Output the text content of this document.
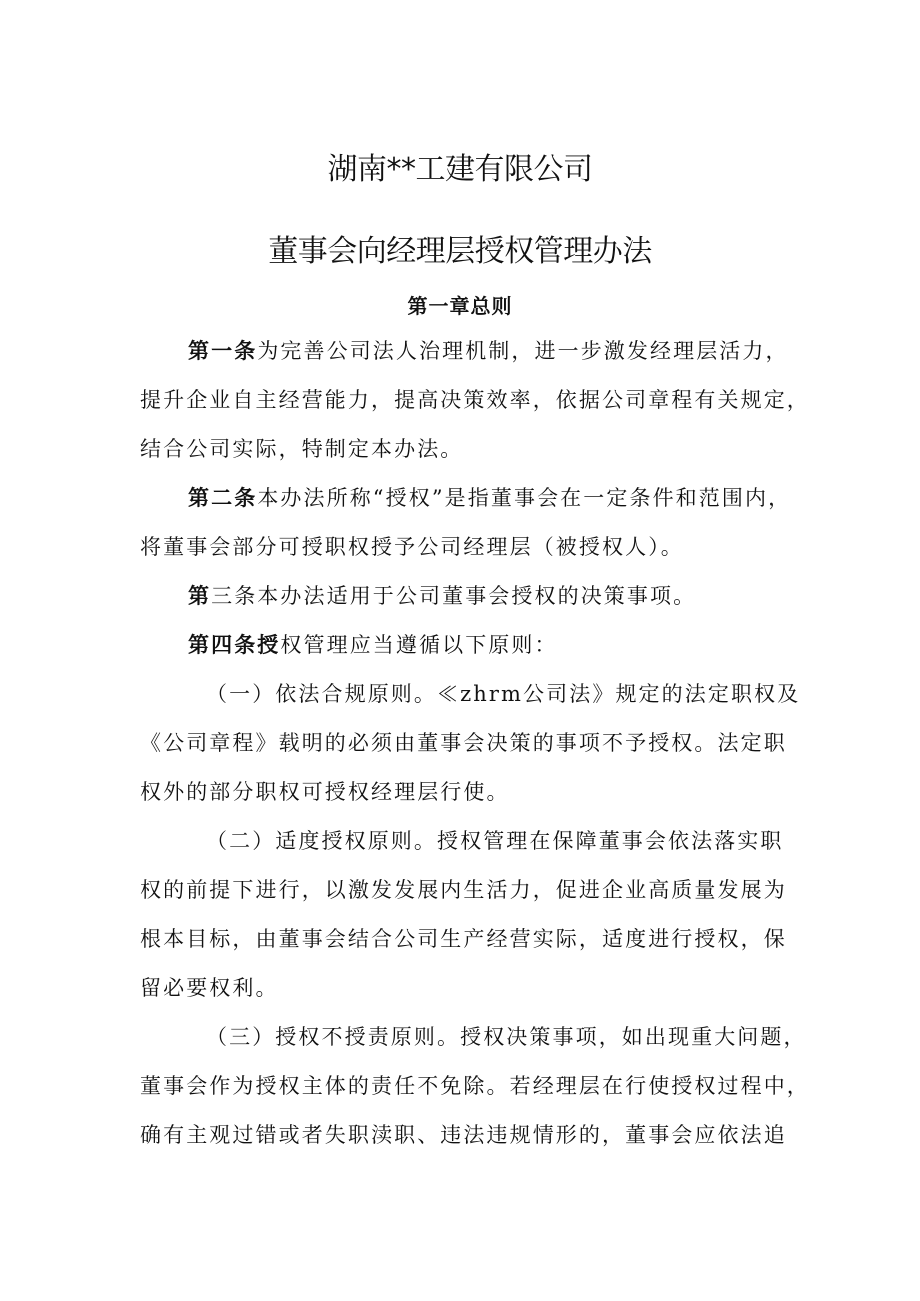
湖南**工建有限公司
董事会向经理层授权管理办法
第一章总则
第一条为完善公司法人治理机制，进一步激发经理层活力，
提升企业自主经营能力，提高决策效率，依据公司章程有关规定，
结合公司实际，特制定本办法。
第二条本办法所称“授权”是指董事会在一定条件和范围内，
将董事会部分可授职权授予公司经理层（被授权人）。
第三条本办法适用于公司董事会授权的决策事项。
第四条授权管理应当遵循以下原则：
（一）依法合规原则。≪zhrm公司法》规定的法定职权及
《公司章程》载明的必须由董事会决策的事项不予授权。法定职
权外的部分职权可授权经理层行使。
（二）适度授权原则。授权管理在保障董事会依法落实职
权的前提下进行，以激发发展内生活力，促进企业高质量发展为
根本目标，由董事会结合公司生产经营实际，适度进行授权，保
留必要权利。
（三）授权不授责原则。授权决策事项，如出现重大问题，
董事会作为授权主体的责任不免除。若经理层在行使授权过程中，
确有主观过错或者失职渎职、违法违规情形的，董事会应依法追
